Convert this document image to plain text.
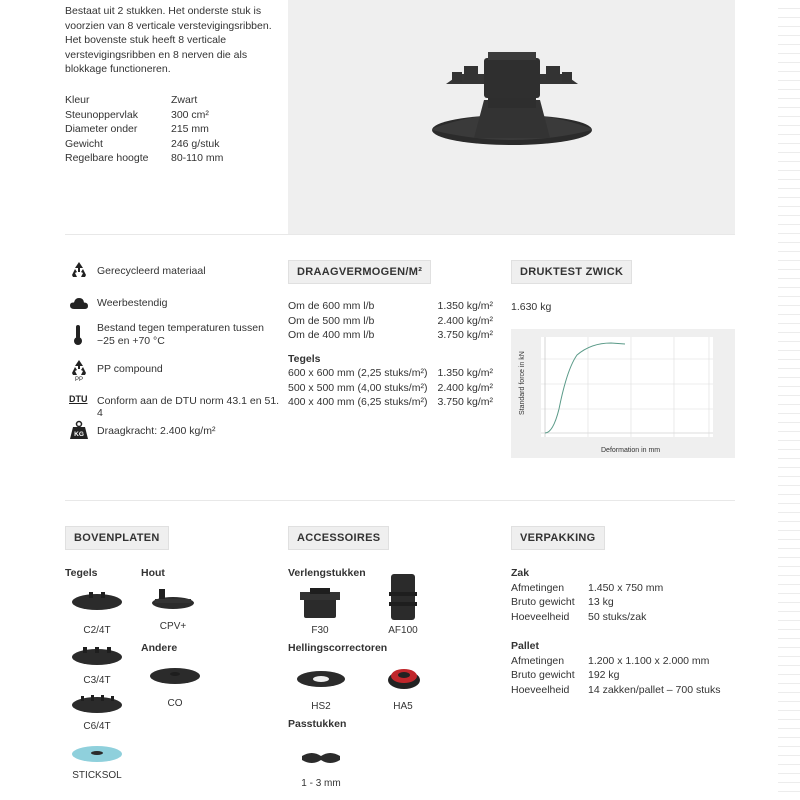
Bestaat uit 2 stukken. Het onderste stuk is
voorzien van 8 verticale verstevigingsribben.
Het bovenste stuk heeft 8 verticale
verstevigingsribben en 8 nerven die als
blokkage functioneren.
Kleur	Zwart
Steunoppervlak	300 cm²
Diameter onder	215 mm
Gewicht	246 g/stuk
Regelbare hoogte	80-110 mm
Gerecycleerd materiaal
Weerbestendig
Bestand tegen temperaturen tussen
−25 en +70 °C
PP
PP compound
DTU Conform aan de DTU norm 43.1 en 51. 4
KG Draagkracht: 2.400 kg/m²
DRAAGVERMOGEN/M²
Om de 600 mm l/b	1.350 kg/m²
Om de 500 mm l/b	2.400 kg/m²
Om de 400 mm l/b	3.750 kg/m²
Tegels
600 x 600 mm (2,25 stuks/m²) 1.350 kg/m²
500 x 500 mm (4,00 stuks/m²) 2.400 kg/m²
400 x 400 mm (6,25 stuks/m²) 3.750 kg/m²
DRUKTEST ZWICK
1.630 kg
Standard force in kN
Deformation in mm
BOVENPLATEN
Tegels	Hout
C2/4T
C3/4T
C6/4T
STICKSOL
CPV+
Andere
CO
ACCESSOIRES
Verlengstukken
F30	AF100
Hellingscorrectoren
HS2	HA5
Passtukken
1 - 3 mm
VERPAKKING
Zak
Afmetingen	1.450 x 750 mm
Bruto gewicht	13 kg
Hoeveelheid	50 stuks/zak
Pallet
Afmetingen	1.200 x 1.100 x 2.000 mm
Bruto gewicht	192 kg
Hoeveelheid	14 zakken/pallet – 700 stuks
